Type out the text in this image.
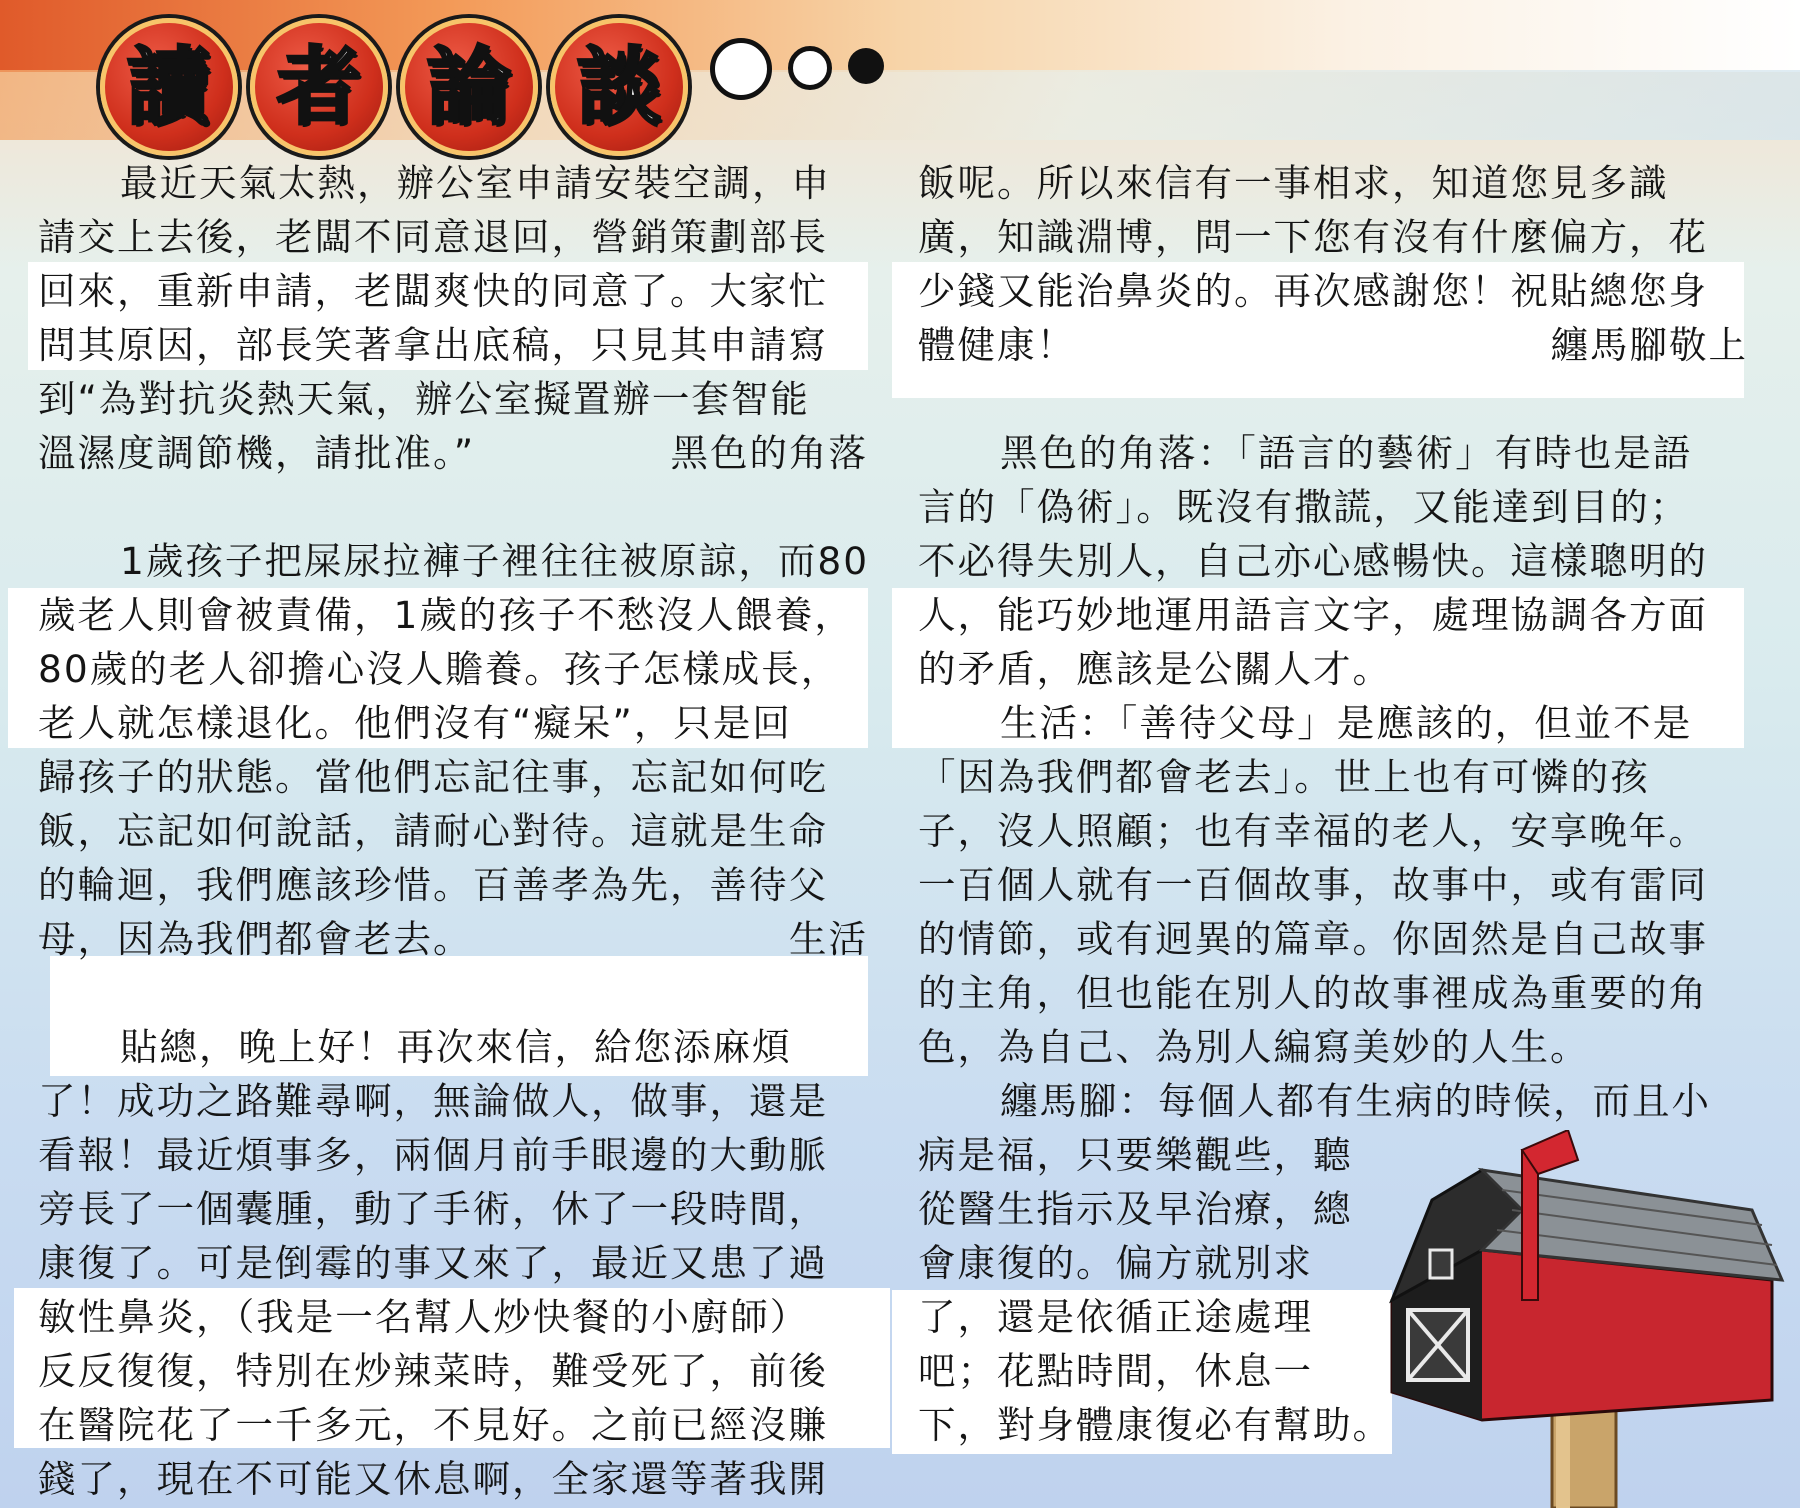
讀 者 論 談

最近天氣太熱，辦公室申請安裝空調，申

請交上去後，老闆不同意退回，營銷策劃部長

回來，重新申請，老闆爽快的同意了。大家忙

問其原因，部長笑著拿出底稿，只見其申請寫

到“為對抗炎熱天氣，辦公室擬置辦一套智能

溫濕度調節機，請批准。”	黑色的角落

1歲孩子把屎尿拉褲子裡往往被原諒，而80

歲老人則會被責備，1歲的孩子不愁沒人餵養，

80歲的老人卻擔心沒人贍養。孩子怎樣成長，

老人就怎樣退化。他們沒有“癡呆”，只是回

歸孩子的狀態。當他們忘記往事，忘記如何吃

飯，忘記如何說話，請耐心對待。這就是生命

的輪迴，我們應該珍惜。百善孝為先，善待父

母，因為我們都會老去。	生活

貼總，晚上好！再次來信，給您添麻煩

了！成功之路難尋啊，無論做人，做事，還是

看報！最近煩事多，兩個月前手眼邊的大動脈

旁長了一個囊腫，動了手術，休了一段時間，

康復了。可是倒霉的事又來了，最近又患了過

敏性鼻炎，（我是一名幫人炒快餐的小廚師）

反反復復，特別在炒辣菜時，難受死了，前後

在醫院花了一千多元，不見好。之前已經沒賺

錢了，現在不可能又休息啊，全家還等著我開

飯呢。所以來信有一事相求，知道您見多識

廣，知識淵博，問一下您有沒有什麼偏方，花

少錢又能治鼻炎的。再次感謝您！祝貼總您身

體健康！	纏馬腳敬上

黑色的角落：「語言的藝術」有時也是語

言的「偽術」。既沒有撒謊，又能達到目的；

不必得失別人，自己亦心感暢快。這樣聰明的

人，能巧妙地運用語言文字，處理協調各方面

的矛盾，應該是公關人才。

生活：「善待父母」是應該的，但並不是

「因為我們都會老去」。世上也有可憐的孩

子，沒人照顧；也有幸福的老人，安享晚年。

一百個人就有一百個故事，故事中，或有雷同

的情節，或有迥異的篇章。你固然是自己故事

的主角，但也能在別人的故事裡成為重要的角

色，為自己、為別人編寫美妙的人生。

纏馬腳：每個人都有生病的時候，而且小

病是福，只要樂觀些，聽

從醫生指示及早治療，總

會康復的。偏方就別求

了，還是依循正途處理

吧；花點時間，休息一

下，對身體康復必有幫助。
